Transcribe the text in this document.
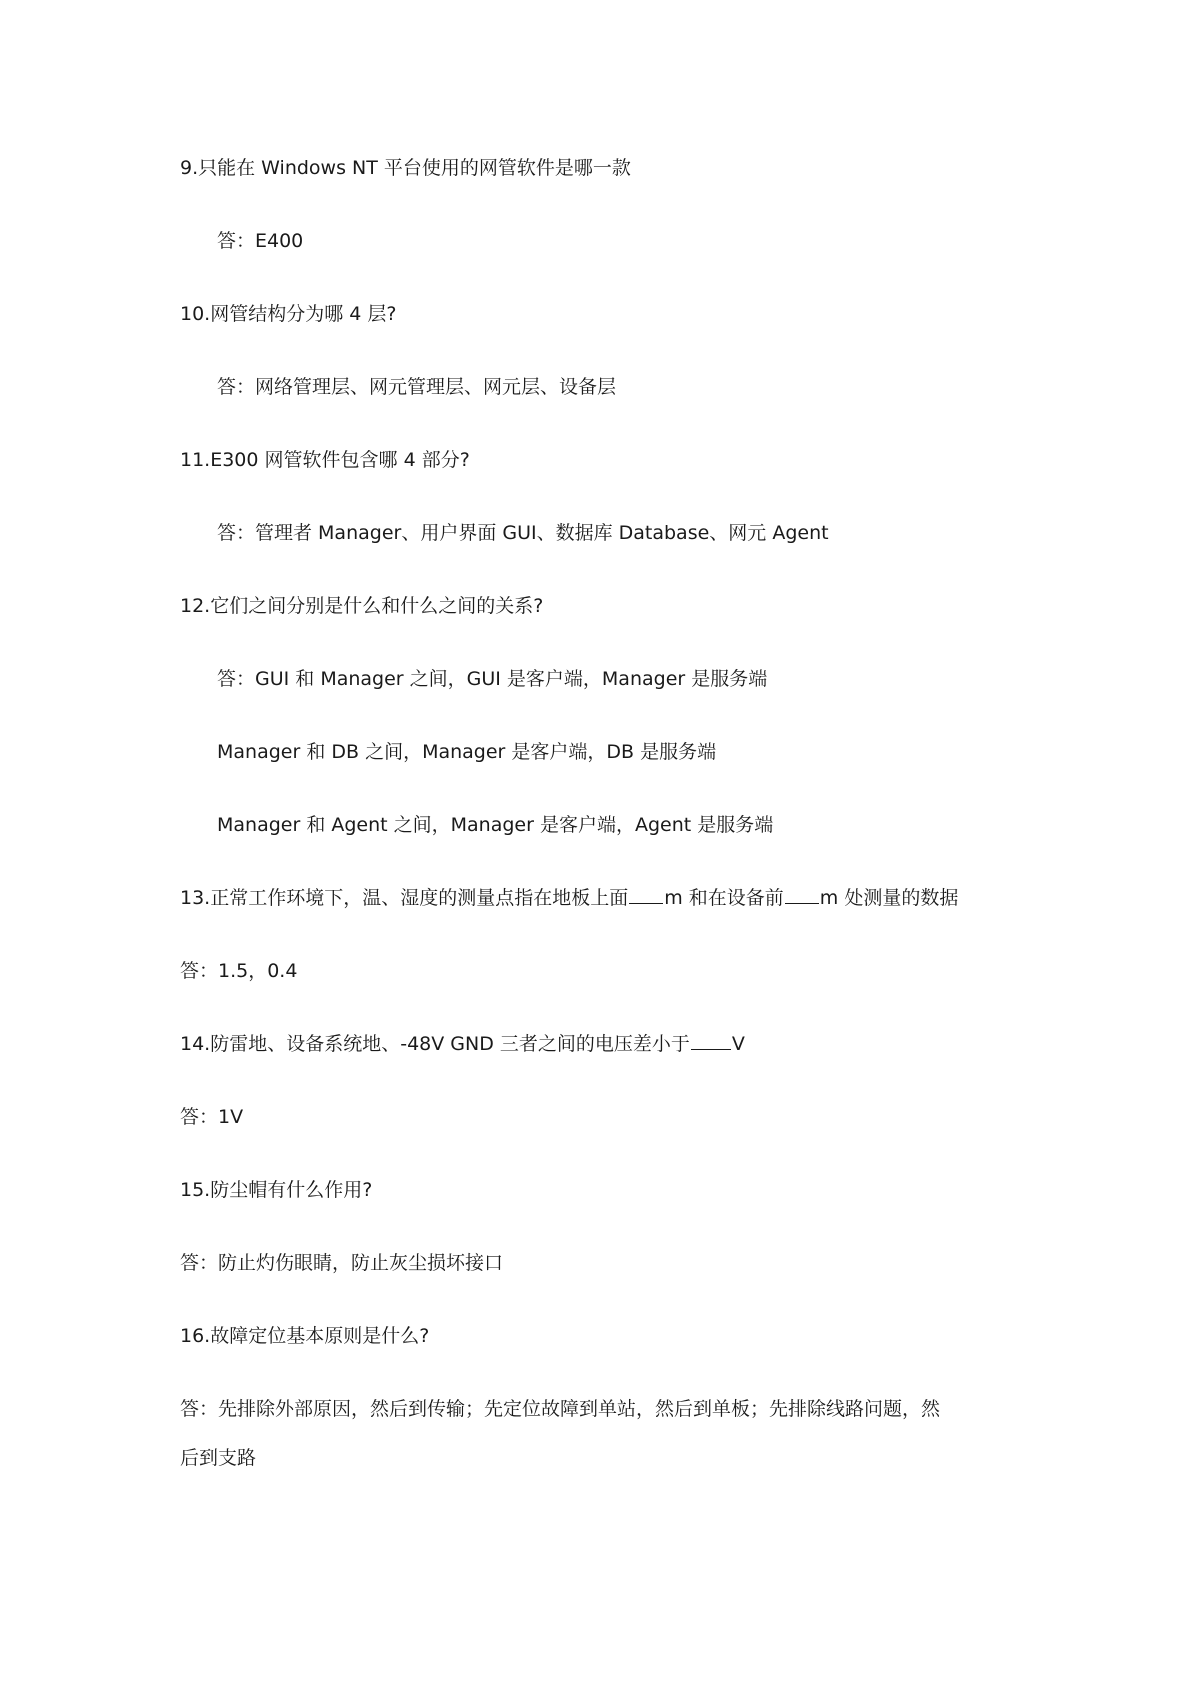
9.只能在 Windows NT 平台使用的网管软件是哪一款
答：E400
10.网管结构分为哪 4 层?
答：网络管理层、网元管理层、网元层、设备层
11.E300 网管软件包含哪 4 部分?
答：管理者 Manager、用户界面 GUI、数据库 Database、网元 Agent
12.它们之间分别是什么和什么之间的关系?
答：GUI 和 Manager 之间，GUI 是客户端，Manager 是服务端
Manager 和 DB 之间，Manager 是客户端，DB 是服务端
Manager 和 Agent 之间，Manager 是客户端，Agent 是服务端
13.正常工作环境下，温、湿度的测量点指在地板上面 m 和在设备前 m 处测量的数据
答：1.5，0.4
14.防雷地、设备系统地、-48V GND 三者之间的电压差小于 V
答：1V
15.防尘帽有什么作用?
答：防止灼伤眼睛，防止灰尘损坏接口
16.故障定位基本原则是什么?
答：先排除外部原因，然后到传输；先定位故障到单站，然后到单板；先排除线路问题，然
后到支路
